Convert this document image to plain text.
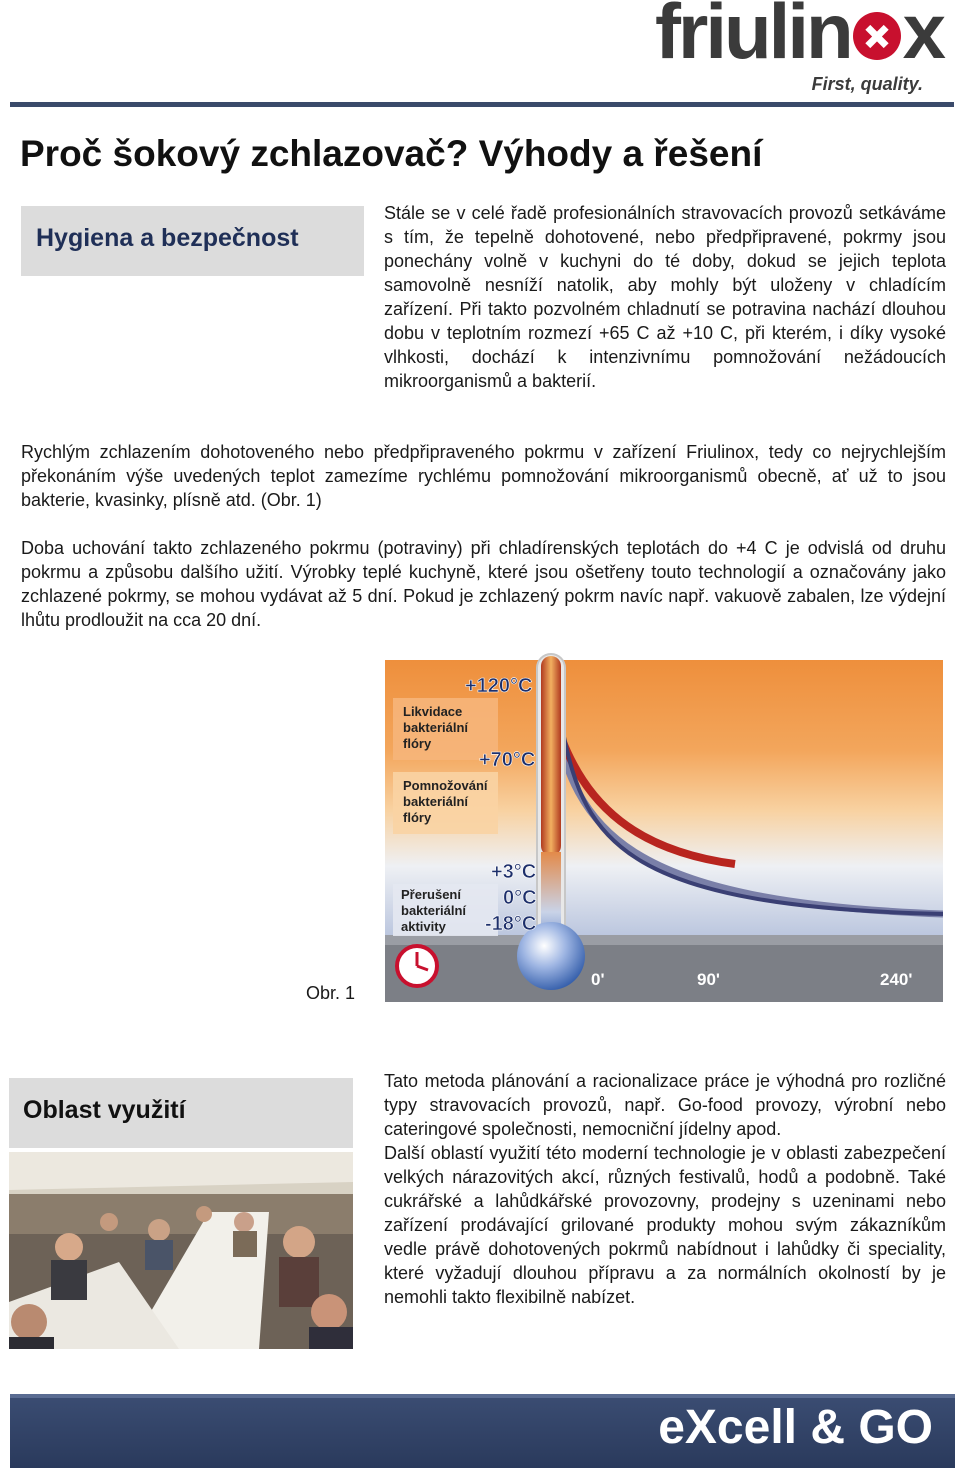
friulin x
First, quality.
Proč šokový zchlazovač? Výhody a řešení
Hygiena a bezpečnost

Stále se v celé řadě profesionálních stravovacích provozů setkáváme s tím, že tepelně dohotovené, nebo předpřipravené, pokrmy jsou ponechány volně v kuchyni do té doby, dokud se jejich teplota samovolně nesníží natolik, aby mohly být uloženy v chladícím zařízení. Při takto pozvolném chladnutí se potravina nachází dlouhou dobu v teplotním rozmezí +65 C až +10 C, při kterém, i díky vysoké vlhkosti, dochází k intenzivnímu pomnožování nežádoucích mikroorganismů a bakterií.

Rychlým zchlazením dohotoveného nebo předpřipraveného pokrmu v zařízení Friulinox, tedy co nejrychlejším překonáním výše uvedených teplot zamezíme rychlému pomnožování mikroorganismů obecně, ať už to jsou bakterie, kvasinky, plísně atd. (Obr. 1)
Doba uchování takto zchlazeného pokrmu (potraviny) při chladírenských teplotách do +4 C je odvislá od druhu pokrmu a způsobu dalšího užití. Výrobky teplé kuchyně, které jsou ošetřeny touto technologií a označovány jako zchlazené pokrmy, se mohou vydávat až 5 dní. Pokud je zchlazený pokrm navíc např. vakuově zabalen, lze výdejní lhůtu prodloužit na cca 20 dní.
Likvidace
bakteriální
flóry
Pomnožování
bakteriální
flóry
Přerušení
bakteriální
aktivity
+120°C
+70°C
+3°C
0°C
-18°C
0'	90'	240'
Obr. 1
Oblast využití

Tato metoda plánování a racionalizace práce je výhodná pro rozličné typy stravovacích provozů, např. Go-food provozy, výrobní nebo cateringové společnosti, nemocniční jídelny apod.

Další oblastí využití této moderní technologie je v oblasti zabezpečení velkých nárazovitých akcí, různých festivalů, hodů a podobně. Také cukrářské a lahůdkářské provozovny, prodejny s uzeninami nebo zařízení prodávající grilované produkty mohou svým zákazníkům vedle právě dohotovených pokrmů nabídnout i lahůdky či speciality, které vyžadují dlouhou přípravu a za normálních okolností by je nemohli takto flexibilně nabízet.

eXcell & GO
